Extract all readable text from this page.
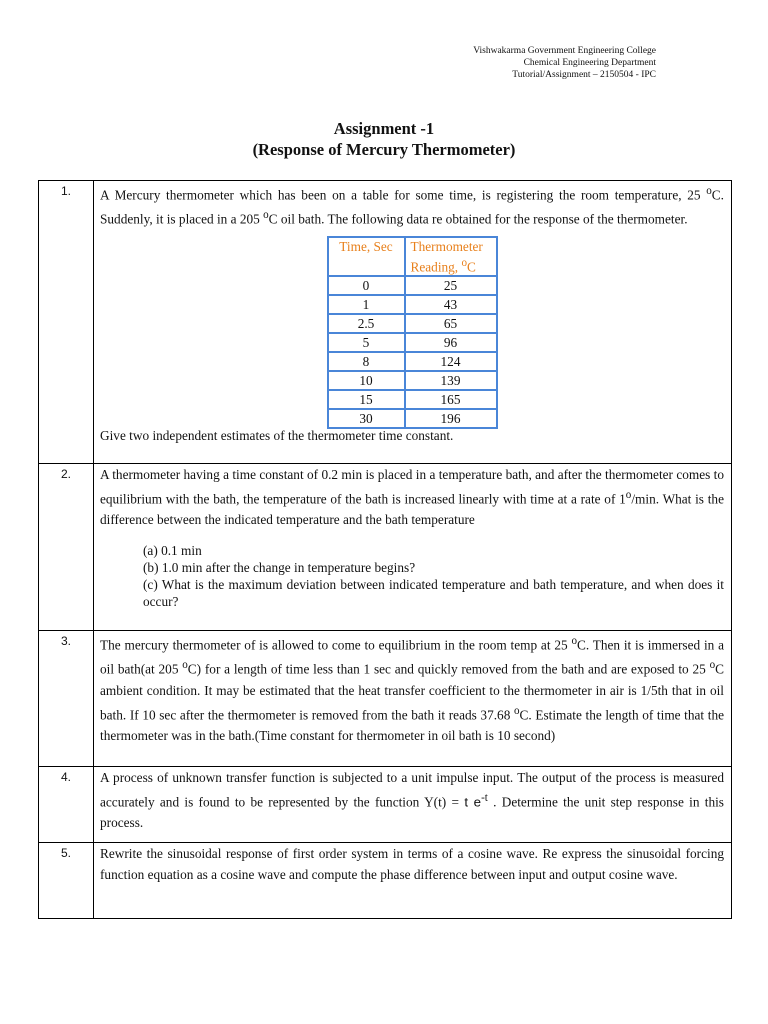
Vishwakarma Government Engineering College
Chemical Engineering Department
Tutorial/Assignment – 2150504 - IPC
Assignment -1
(Response of Mercury Thermometer)
1.	A Mercury thermometer which has been on a table for some time, is registering the room temperature, 25 $^o$C. Suddenly, it is placed in a 205 $^o$C oil bath. The following data re obtained for the response of the thermometer.
Time, Sec	Thermometer Reading, $^o$C
0	25
1	43
2.5	65
5	96
8	124
10	139
15	165
30	196
Give two independent estimates of the thermometer time constant.

2.	A thermometer having a time constant of 0.2 min is placed in a temperature bath, and after the thermometer comes to equilibrium with the bath, the temperature of the bath is increased linearly with time at a rate of 1$^o$/min. What is the difference between the indicated temperature and the bath temperature
(a) 0.1 min
(b) 1.0 min after the change in temperature begins?
(c) What is the maximum deviation between indicated temperature and bath temperature, and when does it occur?

3.	The mercury thermometer of is allowed to come to equilibrium in the room temp at 25 $^o$C. Then it is immersed in a oil bath(at 205 $^o$C) for a length of time less than 1 sec and quickly removed from the bath and are exposed to 25 $^o$C ambient condition. It may be estimated that the heat transfer coefficient to the thermometer in air is 1/5th that in oil bath. If 10 sec after the thermometer is removed from the bath it reads 37.68 $^o$C. Estimate the length of time that the thermometer was in the bath.(Time constant for thermometer in oil bath is 10 second)

4.	A process of unknown transfer function is subjected to a unit impulse input. The output of the process is measured accurately and is found to be represented by the function Y(t) = t $e^{-t}$ . Determine the unit step response in this process.

5.	Rewrite the sinusoidal response of first order system in terms of a cosine wave. Re express the sinusoidal forcing function equation as a cosine wave and compute the phase difference between input and output cosine wave.
